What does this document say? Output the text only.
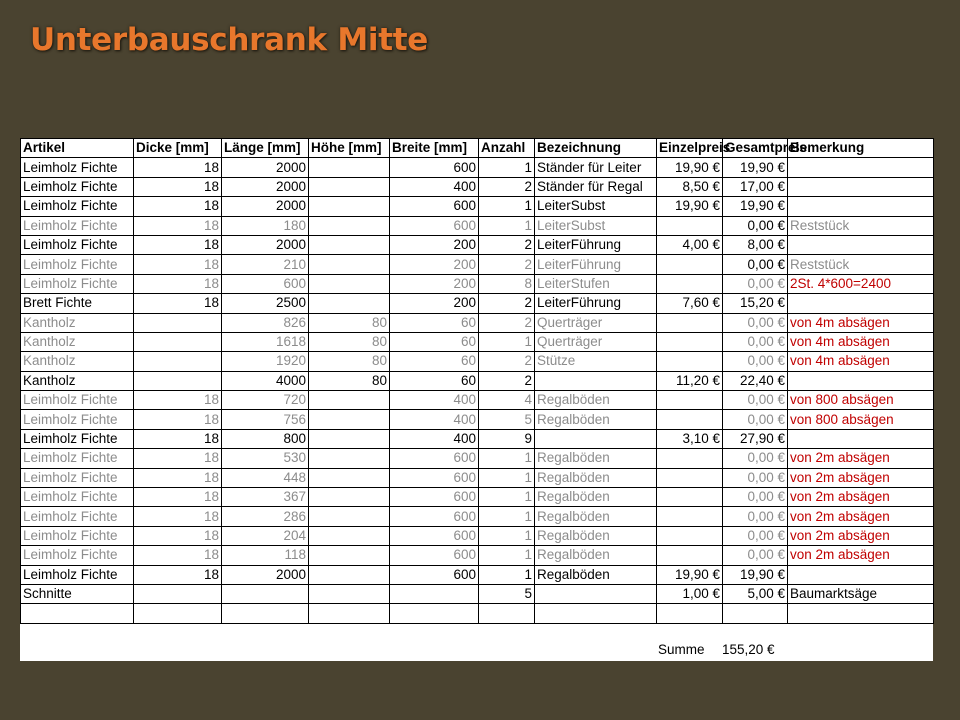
Unterbauschrank Mitte
Artikel	Dicke [mm]	Länge [mm]	Höhe [mm]	Breite [mm]	Anzahl	Bezeichnung	Einzelpreis	Gesamtpreis	Bemerkung
Leimholz Fichte	18	2000		600	1	Ständer für Leiter	19,90 €	19,90 €	
Leimholz Fichte	18	2000		400	2	Ständer für Regal	8,50 €	17,00 €	
Leimholz Fichte	18	2000		600	1	LeiterSubst	19,90 €	19,90 €	
Leimholz Fichte	18	180		600	1	LeiterSubst		0,00 €	Reststück
Leimholz Fichte	18	2000		200	2	LeiterFührung	4,00 €	8,00 €	
Leimholz Fichte	18	210		200	2	LeiterFührung		0,00 €	Reststück
Leimholz Fichte	18	600		200	8	LeiterStufen		0,00 €	2St. 4*600=2400
Brett Fichte	18	2500		200	2	LeiterFührung	7,60 €	15,20 €	
Kantholz		826	80	60	2	Querträger		0,00 €	von 4m absägen
Kantholz		1618	80	60	1	Querträger		0,00 €	von 4m absägen
Kantholz		1920	80	60	2	Stütze		0,00 €	von 4m absägen
Kantholz		4000	80	60	2		11,20 €	22,40 €	
Leimholz Fichte	18	720		400	4	Regalböden		0,00 €	von 800 absägen
Leimholz Fichte	18	756		400	5	Regalböden		0,00 €	von 800 absägen
Leimholz Fichte	18	800		400	9		3,10 €	27,90 €	
Leimholz Fichte	18	530		600	1	Regalböden		0,00 €	von 2m absägen
Leimholz Fichte	18	448		600	1	Regalböden		0,00 €	von 2m absägen
Leimholz Fichte	18	367		600	1	Regalböden		0,00 €	von 2m absägen
Leimholz Fichte	18	286		600	1	Regalböden		0,00 €	von 2m absägen
Leimholz Fichte	18	204		600	1	Regalböden		0,00 €	von 2m absägen
Leimholz Fichte	18	118		600	1	Regalböden		0,00 €	von 2m absägen
Leimholz Fichte	18	2000		600	1	Regalböden	19,90 €	19,90 €	
Schnitte					5		1,00 €	5,00 €	Baumarktsäge

Summe 155,20 €
